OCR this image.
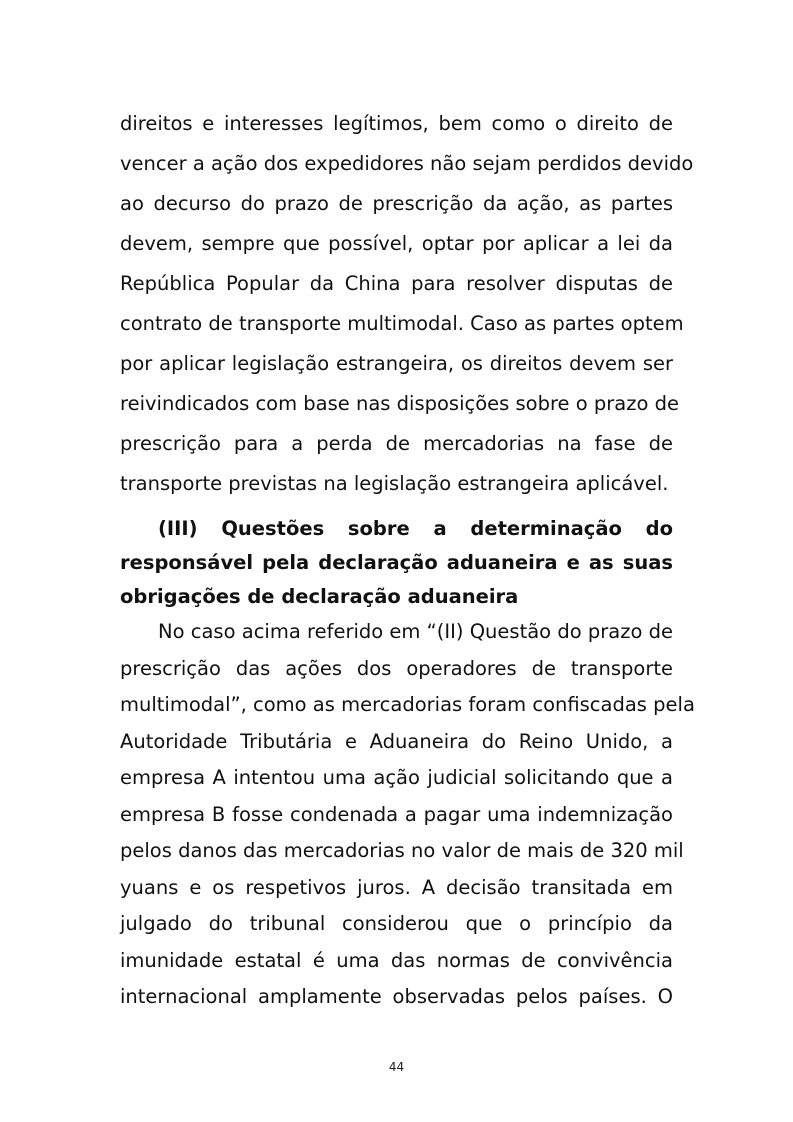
direitos e interesses legítimos, bem como o direito de
vencer a ação dos expedidores não sejam perdidos devido
ao decurso do prazo de prescrição da ação, as partes
devem, sempre que possível, optar por aplicar a lei da
República Popular da China para resolver disputas de
contrato de transporte multimodal. Caso as partes optem
por aplicar legislação estrangeira, os direitos devem ser
reivindicados com base nas disposições sobre o prazo de
prescrição para a perda de mercadorias na fase de
transporte previstas na legislação estrangeira aplicável.

(III) Questões sobre a determinação do
responsável pela declaração aduaneira e as suas
obrigações de declaração aduaneira

No caso acima referido em “(II) Questão do prazo de
prescrição das ações dos operadores de transporte
multimodal”, como as mercadorias foram confiscadas pela
Autoridade Tributária e Aduaneira do Reino Unido, a
empresa A intentou uma ação judicial solicitando que a
empresa B fosse condenada a pagar uma indemnização
pelos danos das mercadorias no valor de mais de 320 mil
yuans e os respetivos juros. A decisão transitada em
julgado do tribunal considerou que o princípio da
imunidade estatal é uma das normas de convivência
internacional amplamente observadas pelos países. O

44
